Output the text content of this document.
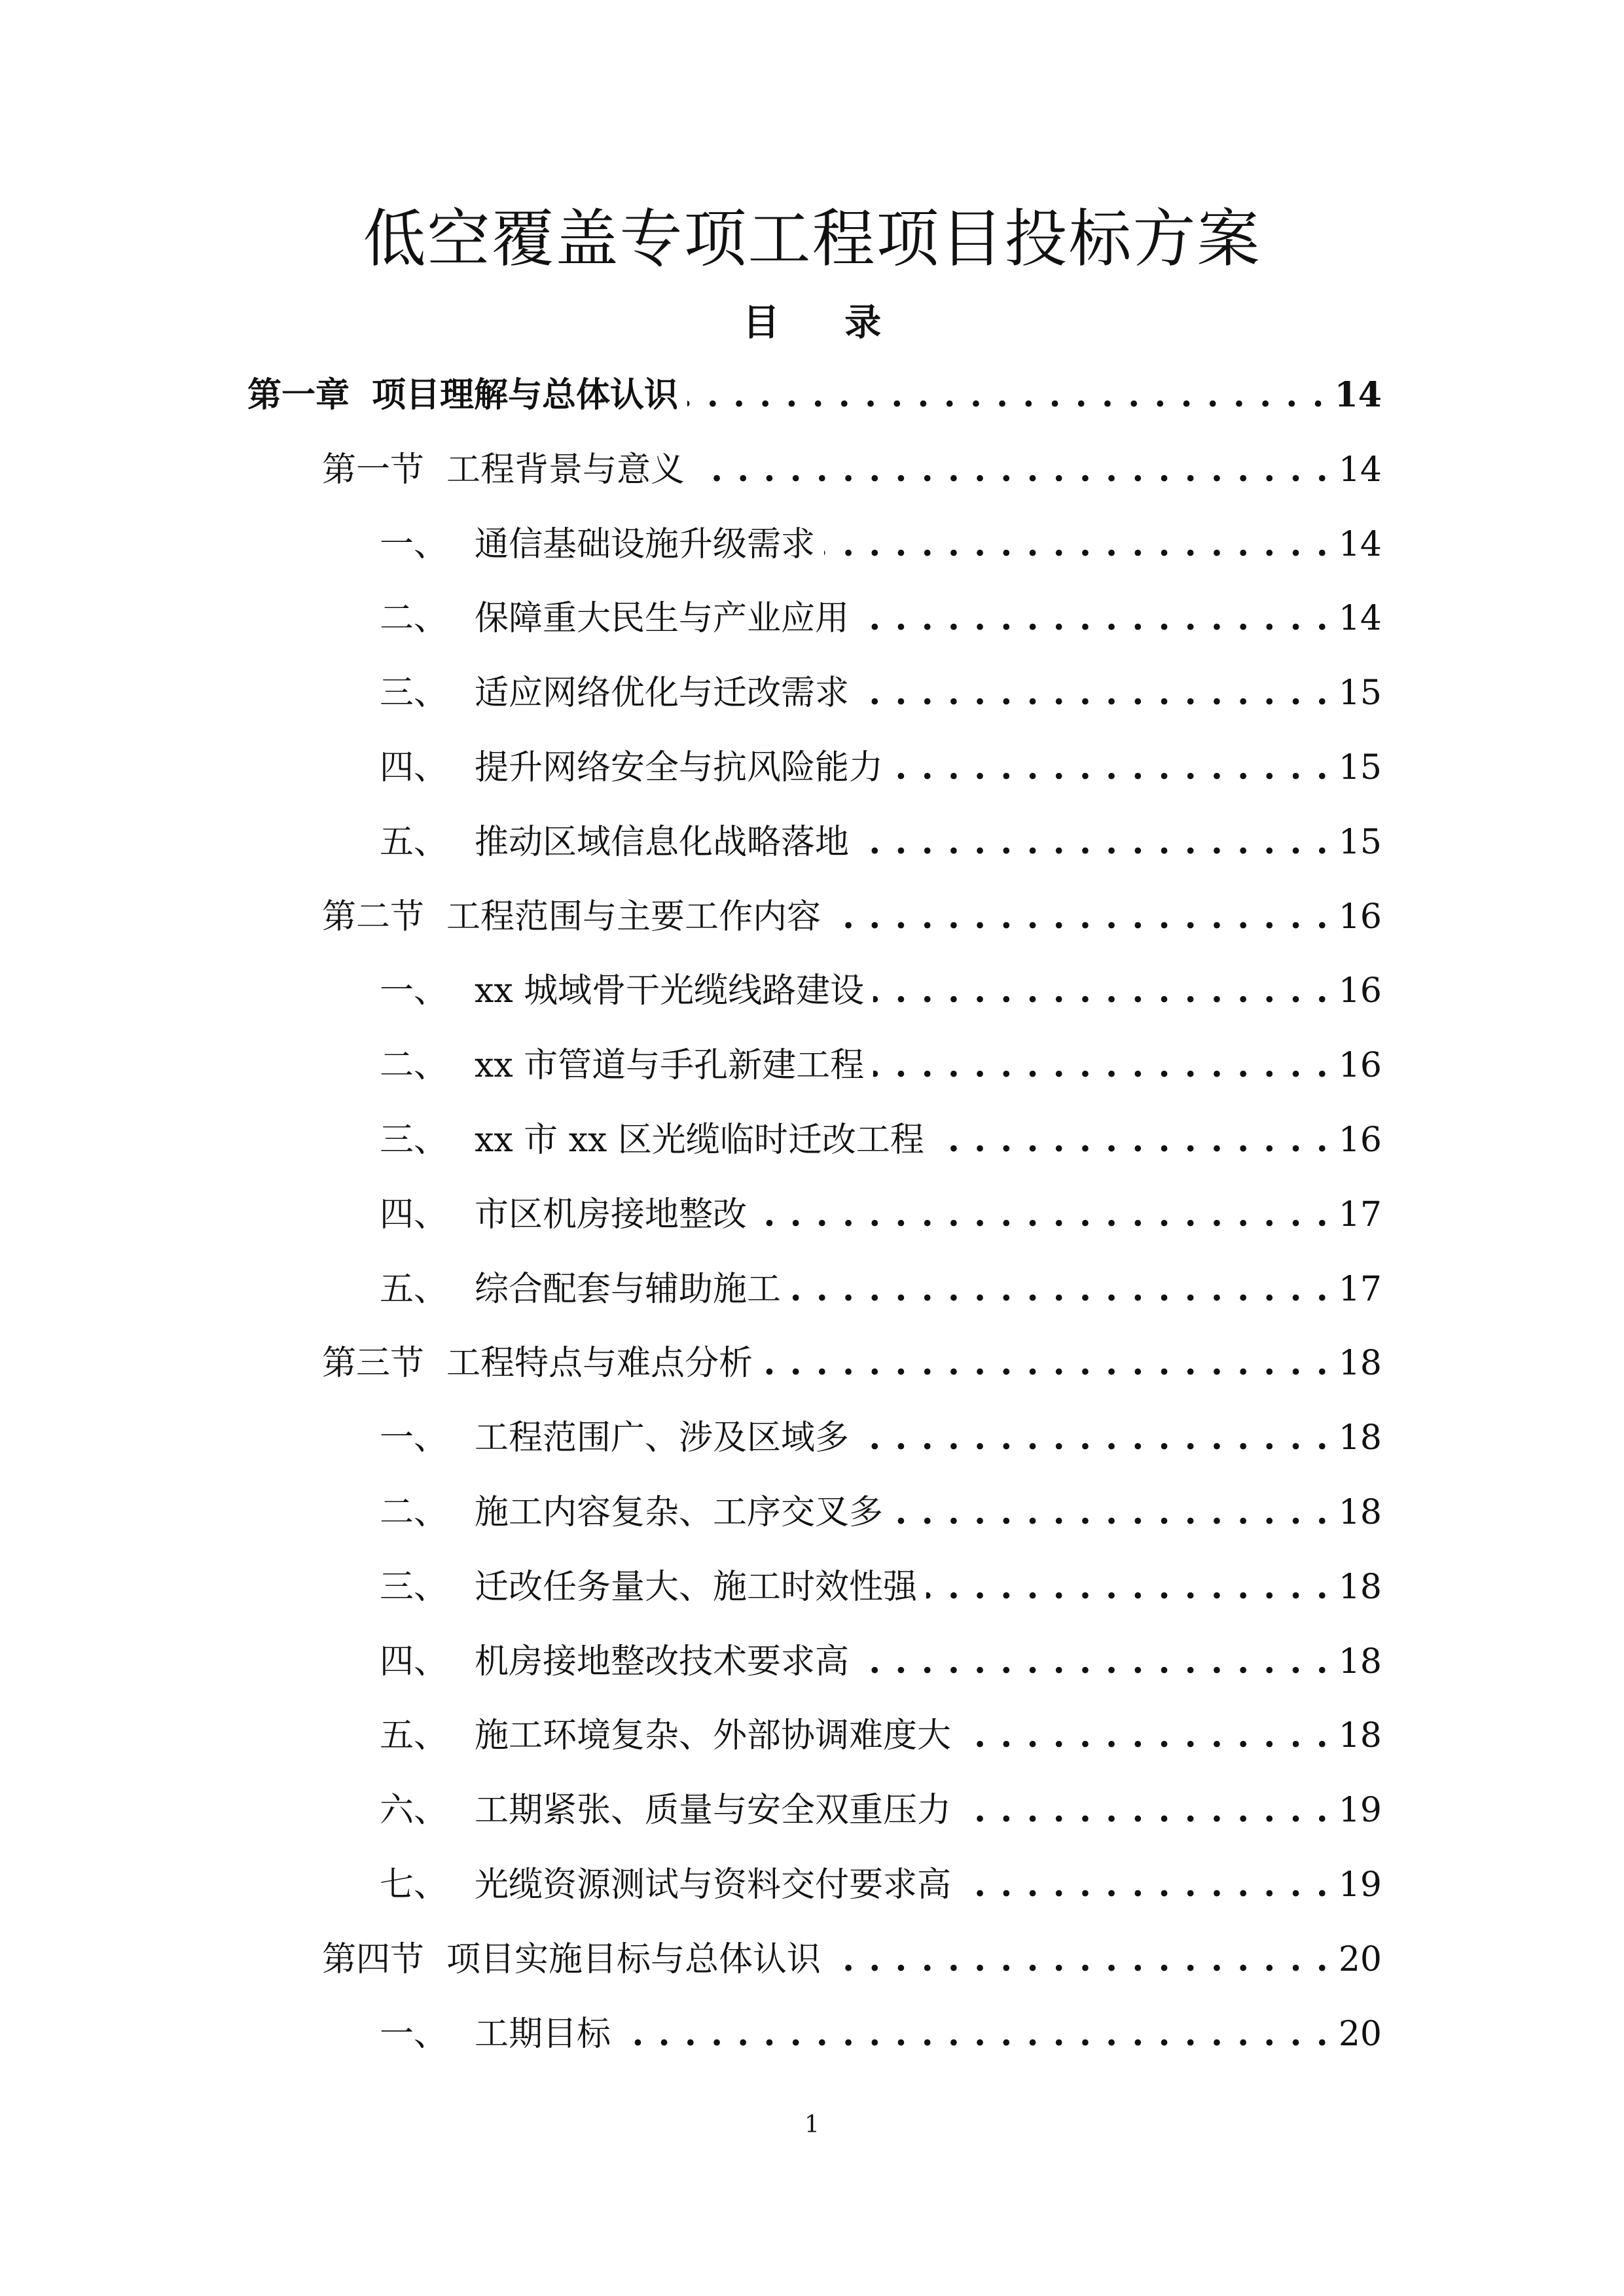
低空覆盖专项工程项目投标方案
目 录
第一章 项目理解与总体认识 . . .	14
第一节 工程背景与意义 . . .	14
一、 通信基础设施升级需求 . . .	14
二、 保障重大民生与产业应用 . . .	14
三、 适应网络优化与迁改需求 . . .	15
四、 提升网络安全与抗风险能力 . . .	15
五、 推动区域信息化战略落地 . . .	15
第二节 工程范围与主要工作内容 . . .	16
一、 xx 城域骨干光缆线路建设 . . .	16
二、 xx 市管道与手孔新建工程 . . .	16
三、 xx 市 xx 区光缆临时迁改工程 . . .	16
四、 市区机房接地整改 . . .	17
五、 综合配套与辅助施工 . . .	17
第三节 工程特点与难点分析 . . .	18
一、 工程范围广、涉及区域多 . . .	18
二、 施工内容复杂、工序交叉多 . . .	18
三、 迁改任务量大、施工时效性强 . . .	18
四、 机房接地整改技术要求高 . . .	18
五、 施工环境复杂、外部协调难度大 . . .	18
六、 工期紧张、质量与安全双重压力 . . .	19
七、 光缆资源测试与资料交付要求高 . . .	19
第四节 项目实施目标与总体认识 . . .	20
一、 工期目标 . . .	20
1
